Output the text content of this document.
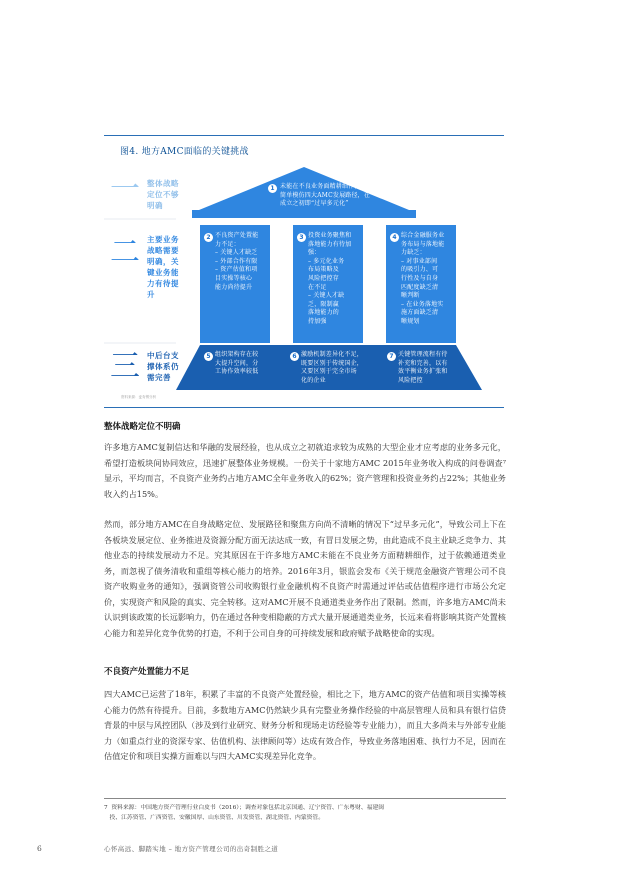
图4. 地方AMC面临的关键挑战
一 整体战略
定位不够
明确
二 主要业务
战略需要
明确，关
键业务能
力有待提
升
三 中后台支
撑体系仍
需完善
1 未能在不良业务面精耕细作，
简单模仿四大AMC发展路径，在
成立之初即“过早多元化”
2 不良资产处置能
力不足：
– 关键人才缺乏
– 外部合作有限
– 资产估值和项
目实操等核心
能力尚待提升
3 投资业务聚焦和
落地能力有待加
强：
– 多元化业务
布局策略及
风险把控存
在不足
– 关键人才缺
乏，限制赢
落地能力的
持加强
4 综合金融服务业
务布局与落地能
力缺乏：
– 对事业部间
的吸引力、可
行性及与自身
匹配度缺乏清
晰判断
– 在业务落地实
施方面缺乏清
晰规划
5 组织架构存在较
大提升空间，分
工协作效率较低
6 激励机制差异化不足，
既要区别于传统国企，
又要区别于完全市场
化的企业
7 关键管理流程有待
补充和完善，以有
效平衡业务扩张和
风险把控
资料来源：麦肯锡分析
整体战略定位不明确
许多地方AMC复制信达和华融的发展经验，也从成立之初就追求较为成熟的大型企业才应考虑的业务多元化，希望打造板块间协同效应，迅速扩展整体业务规模。一份关于十家地方AMC 2015年业务收入构成的问卷调查⁷显示，平均而言，不良资产业务约占地方AMC全年业务收入的62%；资产管理和投资业务约占22%；其他业务收入约占15%。
然而，部分地方AMC在自身战略定位、发展路径和聚焦方向尚不清晰的情况下“过早多元化”，导致公司上下在各板块发展定位、业务推进及资源分配方面无法达成一致，有冒日发展之势，由此造成不良主业缺乏竞争力、其他业态的持续发展动力不足。究其原因在于许多地方AMC未能在不良业务方面精耕细作，过于依赖通道类业务，而忽视了债务清收和重组等核心能力的培养。2016年3月，银监会发布《关于规范金融资产管理公司不良资产收购业务的通知》，强调资管公司收购银行业金融机构不良资产时需通过评估或估值程序进行市场公允定价，实现资产和风险的真实、完全转移。这对AMC开展不良通道类业务作出了限制。然而，许多地方AMC尚未认识到该政策的长远影响力，仍在通过各种变相隐蔽的方式大量开展通道类业务，长远来看将影响其资产处置核心能力和差异化竞争优势的打造，不利于公司自身的可持续发展和政府赋予战略使命的实现。
不良资产处置能力不足
四大AMC已运营了18年，积累了丰富的不良资产处置经验，相比之下，地方AMC的资产估值和项目实操等核心能力仍然有待提升。目前，多数地方AMC仍然缺少具有完整业务操作经验的中高层管理人员和具有银行信贷背景的中层与风控团队（涉及到行业研究、财务分析和现场走访经验等专业能力），而且大多尚未与外部专业能力（如重点行业的资深专家、估值机构、法律顾问等）达成有效合作，导致业务落地困难、执行力不足，因而在估值定价和项目实操方面难以与四大AMC实现差异化竞争。
7  资料来源：中国地方资产管理行业白皮书（2016）；调查对象包括北京国通、辽宁资管、广东粤财、福建闽
投、江苏资管、广西资管、安徽国厚、山东资管、川发资管、湖北资管、内蒙资管。
6	心怀高远、脚踏实地 – 地方资产管理公司的出奇制胜之道
